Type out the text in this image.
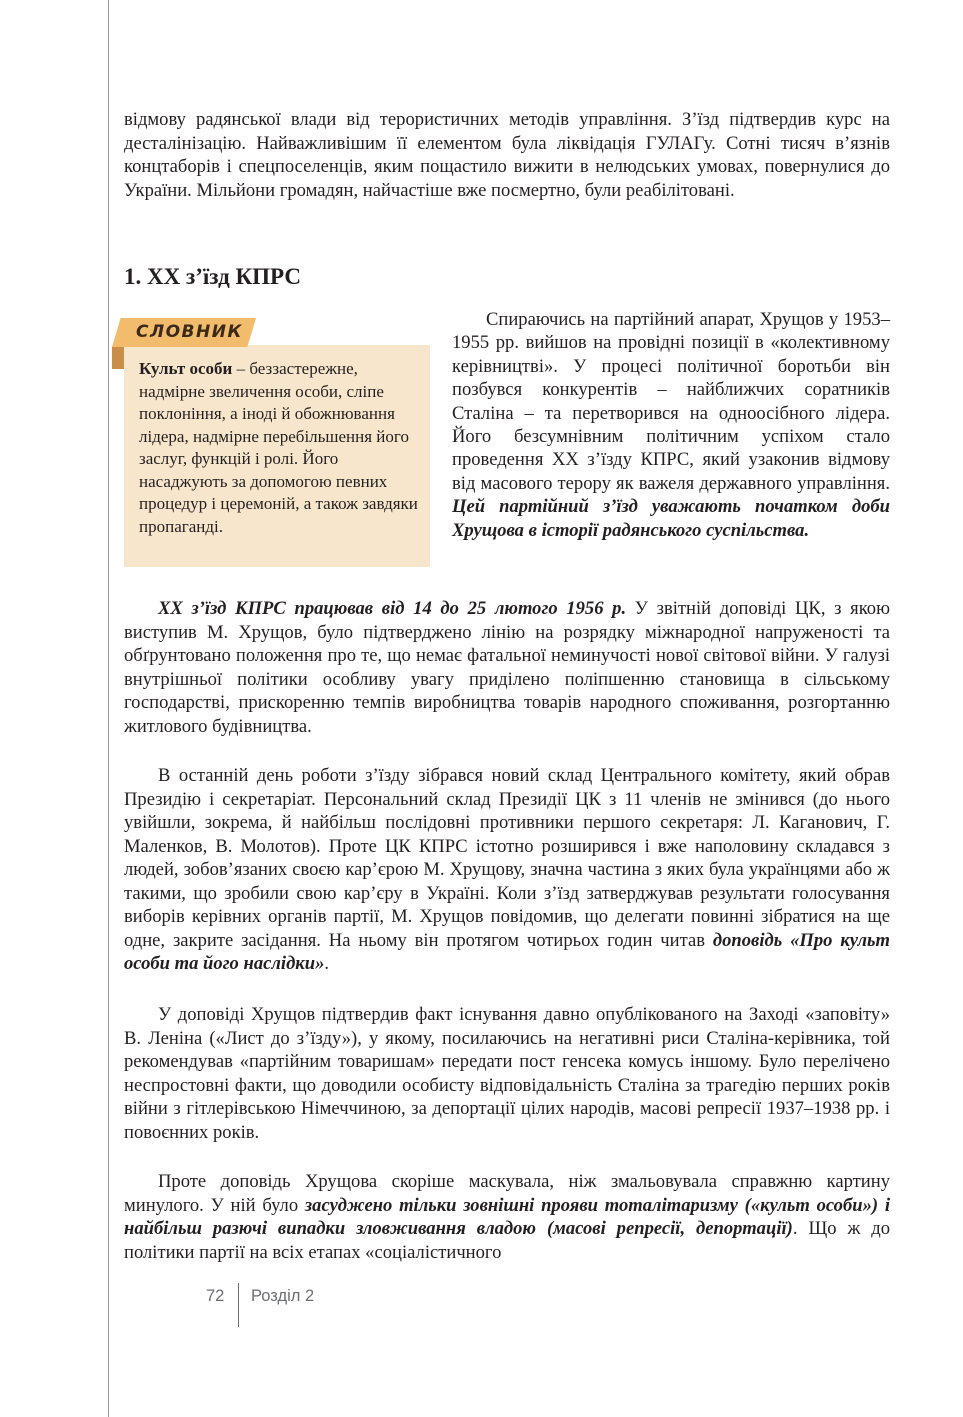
відмову радянської влади від терористичних методів управління. З’їзд підтвердив курс на десталінізацію. Найважливішим її елементом була ліквідація ГУЛАГу. Сотні тисяч в’язнів концтаборів і спецпоселенців, яким пощастило вижити в нелюдських умовах, повернулися до України. Мільйони громадян, найчастіше вже посмертно, були реабілітовані.

1. ХХ з’їзд КПРС
СЛОВНИК

Культ особи – беззастережне, надмірне звеличення особи, сліпе поклоніння, а іноді й обожнювання лідера, надмірне перебільшення його заслуг, функцій і ролі. Його насаджують за допомогою певних процедур і церемоній, а також завдяки пропаганді.

Спираючись на партійний апарат, Хрущов у 1953–1955 рр. вийшов на провідні позиції в «колективному керівництві». У процесі політичної боротьби він позбувся конкурентів – найближчих соратників Сталіна – та перетворився на одноосібного лідера. Його безсумнівним політичним успіхом стало проведення ХХ з’їзду КПРС, який узаконив відмову від масового терору як важеля державного управління. Цей партійний з’їзд уважають початком доби Хрущова в історії радянського суспільства.

ХХ з’їзд КПРС працював від 14 до 25 лютого 1956 р. У звітній доповіді ЦК, з якою виступив М. Хрущов, було підтверджено лінію на розрядку міжнародної напруженості та обґрунтовано положення про те, що немає фатальної неминучості нової світової війни. У галузі внутрішньої політики особливу увагу приділено поліпшенню становища в сільському господарстві, прискоренню темпів виробництва товарів народного споживання, розгортанню житлового будівництва.

В останній день роботи з’їзду зібрався новий склад Центрального комітету, який обрав Президію і секретаріат. Персональний склад Президії ЦК з 11 членів не змінився (до нього увійшли, зокрема, й найбільш послідовні противники першого секретаря: Л. Каганович, Г. Маленков, В. Молотов). Проте ЦК КПРС істотно розширився і вже наполовину складався з людей, зобов’язаних своєю кар’єрою М. Хрущову, значна частина з яких була українцями або ж такими, що зробили свою кар’єру в Україні. Коли з’їзд затверджував результати голосування виборів керівних органів партії, М. Хрущов повідомив, що делегати повинні зібратися на ще одне, закрите засідання. На ньому він протягом чотирьох годин читав доповідь «Про культ особи та його наслідки».

У доповіді Хрущов підтвердив факт існування давно опублікованого на Заході «заповіту» В. Леніна («Лист до з’їзду»), у якому, посилаючись на негативні риси Сталіна-керівника, той рекомендував «партійним товаришам» передати пост генсека комусь іншому. Було перелічено неспростовні факти, що доводили особисту відповідальність Сталіна за трагедію перших років війни з гітлерівською Німеччиною, за депортації цілих народів, масові репресії 1937–1938 рр. і повоєнних років.

Проте доповідь Хрущова скоріше маскувала, ніж змальовувала справжню картину минулого. У ній було засуджено тільки зовнішні прояви тоталітаризму («культ особи») і найбільш разючі випадки зловживання владою (масові репресії, депортації). Що ж до політики партії на всіх етапах «соціалістичного

72 Розділ 2
